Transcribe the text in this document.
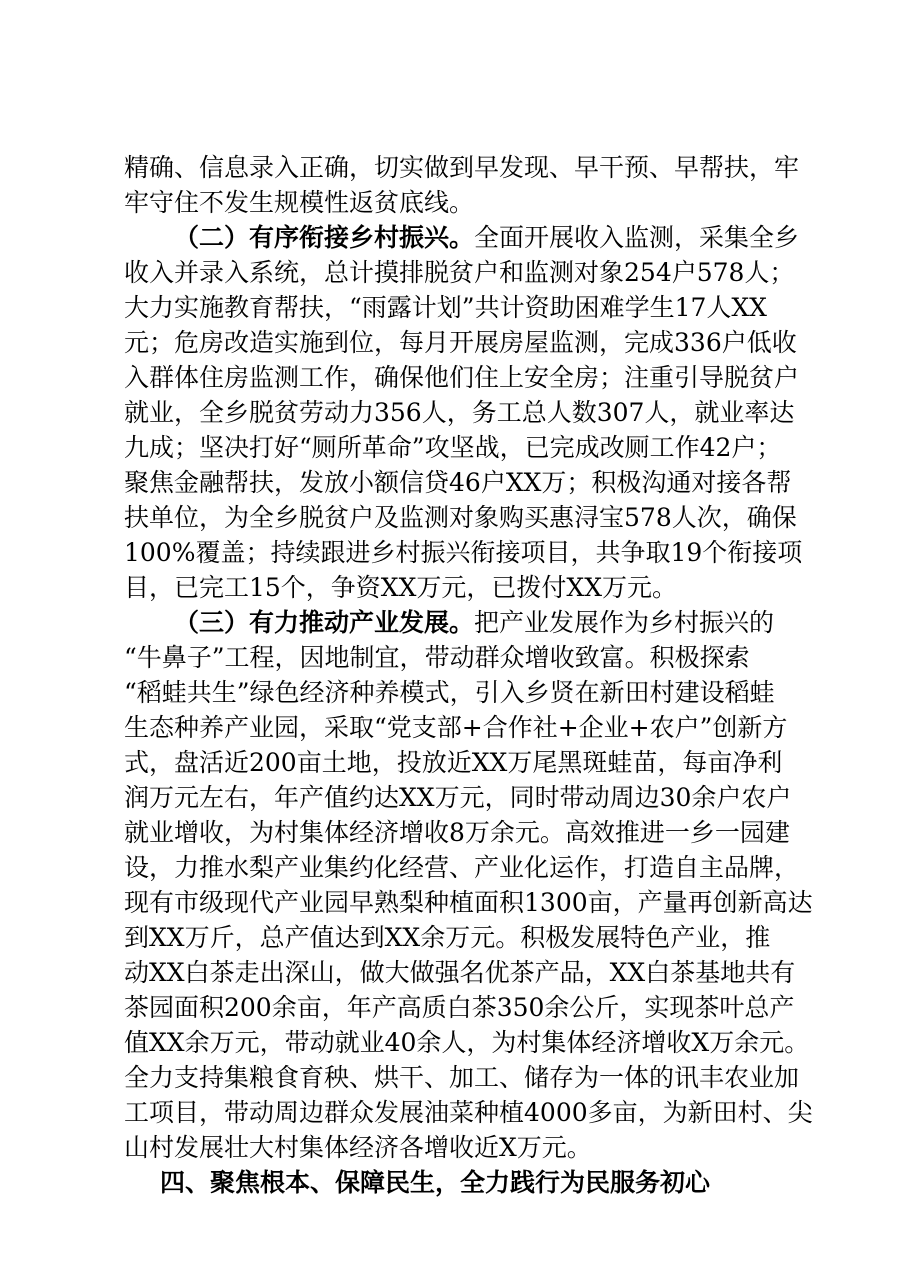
精确、信息录入正确，切实做到早发现、早干预、早帮扶，牢
牢守住不发生规模性返贫底线。
（二）有序衔接乡村振兴。全面开展收入监测，采集全乡
收入并录入系统，总计摸排脱贫户和监测对象254户578人；
大力实施教育帮扶，“雨露计划”共计资助困难学生17人XX
元；危房改造实施到位，每月开展房屋监测，完成336户低收
入群体住房监测工作，确保他们住上安全房；注重引导脱贫户
就业，全乡脱贫劳动力356人，务工总人数307人，就业率达
九成；坚决打好“厕所革命”攻坚战，已完成改厕工作42户；
聚焦金融帮扶，发放小额信贷46户XX万；积极沟通对接各帮
扶单位，为全乡脱贫户及监测对象购买惠浔宝578人次，确保
100%覆盖；持续跟进乡村振兴衔接项目，共争取19个衔接项
目，已完工15个，争资XX万元，已拨付XX万元。
（三）有力推动产业发展。把产业发展作为乡村振兴的
“牛鼻子”工程，因地制宜，带动群众增收致富。积极探索
“稻蛙共生”绿色经济种养模式，引入乡贤在新田村建设稻蛙
生态种养产业园，采取“党支部+合作社+企业+农户”创新方
式，盘活近200亩土地，投放近XX万尾黑斑蛙苗，每亩净利
润万元左右，年产值约达XX万元，同时带动周边30余户农户
就业增收，为村集体经济增收8万余元。高效推进一乡一园建
设，力推水梨产业集约化经营、产业化运作，打造自主品牌，
现有市级现代产业园早熟梨种植面积1300亩，产量再创新高达
到XX万斤，总产值达到XX余万元。积极发展特色产业，推
动XX白茶走出深山，做大做强名优茶产品，XX白茶基地共有
茶园面积200余亩，年产高质白茶350余公斤，实现茶叶总产
值XX余万元，带动就业40余人，为村集体经济增收X万余元。
全力支持集粮食育秧、烘干、加工、储存为一体的讯丰农业加
工项目，带动周边群众发展油菜种植4000多亩，为新田村、尖
山村发展壮大村集体经济各增收近X万元。
四、聚焦根本、保障民生，全力践行为民服务初心
